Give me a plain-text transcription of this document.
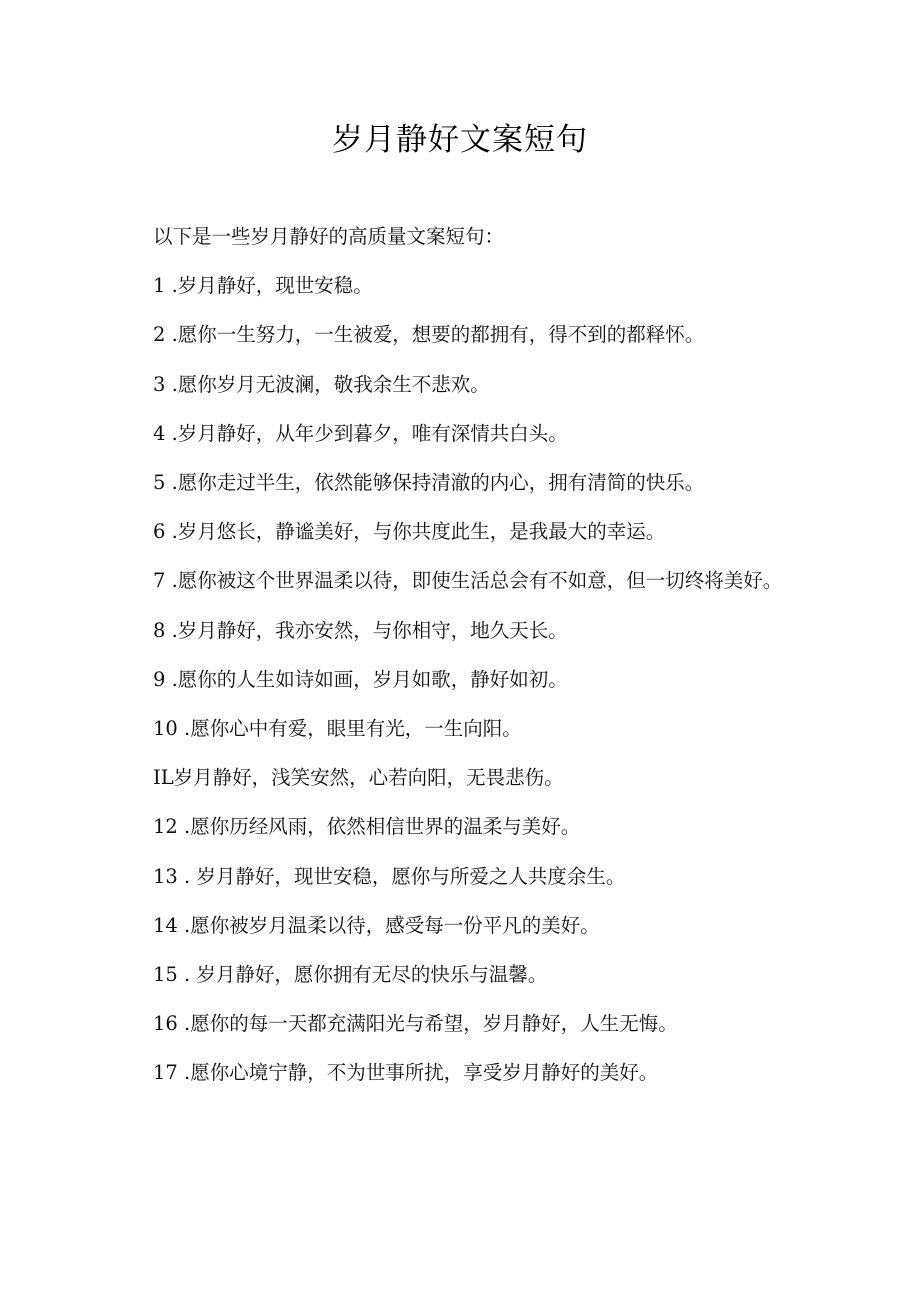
岁月静好文案短句

以下是一些岁月静好的高质量文案短句：

1 .岁月静好，现世安稳。

2 .愿你一生努力，一生被爱，想要的都拥有，得不到的都释怀。

3 .愿你岁月无波澜，敬我余生不悲欢。

4 .岁月静好，从年少到暮夕，唯有深情共白头。

5 .愿你走过半生，依然能够保持清澈的内心，拥有清简的快乐。

6 .岁月悠长，静谧美好，与你共度此生，是我最大的幸运。

7 .愿你被这个世界温柔以待，即使生活总会有不如意，但一切终将美好。

8 .岁月静好，我亦安然，与你相守，地久天长。

9 .愿你的人生如诗如画，岁月如歌，静好如初。

10 .愿你心中有爱，眼里有光，一生向阳。

IL岁月静好，浅笑安然，心若向阳，无畏悲伤。

12 .愿你历经风雨，依然相信世界的温柔与美好。

13 . 岁月静好，现世安稳，愿你与所爱之人共度余生。

14 .愿你被岁月温柔以待，感受每一份平凡的美好。

15 . 岁月静好，愿你拥有无尽的快乐与温馨。

16 .愿你的每一天都充满阳光与希望，岁月静好，人生无悔。

17 .愿你心境宁静，不为世事所扰，享受岁月静好的美好。
